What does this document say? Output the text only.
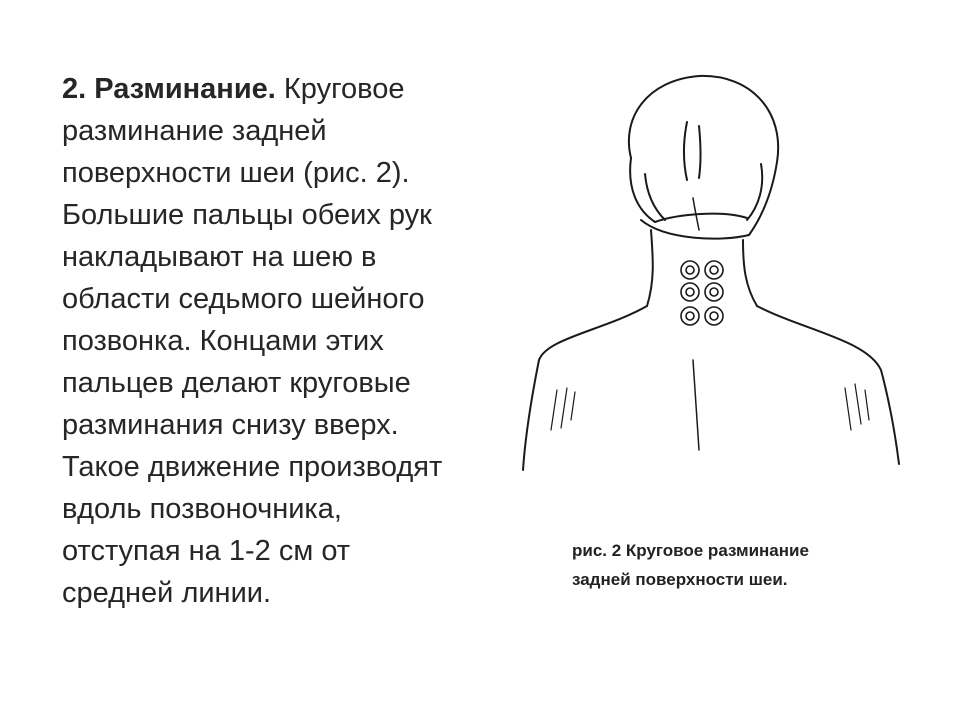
2. Разминание. Круговое
разминание задней
поверхности шеи (рис. 2).
Большие пальцы обеих рук
накладывают на шею в
области седьмого шейного
позвонка. Концами этих
пальцев делают круговые
разминания снизу вверх.
Такое движение производят
вдоль позвоночника,
отступая на 1-2 см от
средней линии.
рис. 2 Круговое разминание
задней поверхности шеи.
